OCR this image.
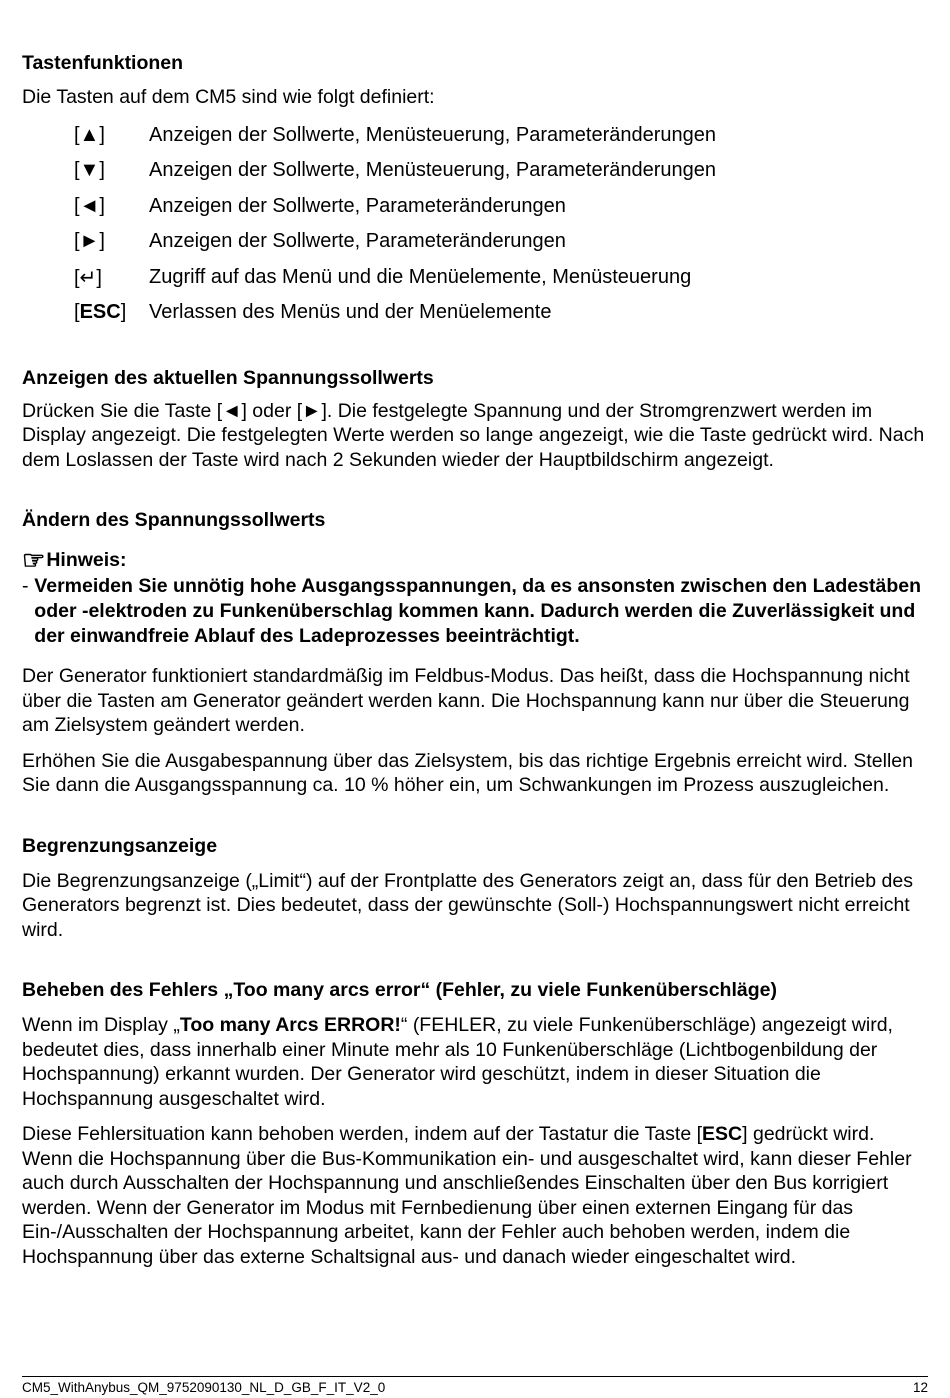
Tastenfunktionen

Die Tasten auf dem CM5 sind wie folgt definiert:

[▲]	Anzeigen der Sollwerte, Menüsteuerung, Parameteränderungen
[▼]	Anzeigen der Sollwerte, Menüsteuerung, Parameteränderungen
[◄]	Anzeigen der Sollwerte, Parameteränderungen
[►]	Anzeigen der Sollwerte, Parameteränderungen
[↵]	Zugriff auf das Menü und die Menüelemente, Menüsteuerung
[ESC]	Verlassen des Menüs und der Menüelemente
Anzeigen des aktuellen Spannungssollwerts

Drücken Sie die Taste [◄] oder [►]. Die festgelegte Spannung und der Stromgrenzwert werden im Display angezeigt. Die festgelegten Werte werden so lange angezeigt, wie die Taste gedrückt wird. Nach dem Loslassen der Taste wird nach 2 Sekunden wieder der Hauptbildschirm angezeigt.

Ändern des Spannungssollwerts
☞ Hinweis:
- Vermeiden Sie unnötig hohe Ausgangsspannungen, da es ansonsten zwischen den Ladestäben oder -elektroden zu Funkenüberschlag kommen kann. Dadurch werden die Zuverlässigkeit und der einwandfreie Ablauf des Ladeprozesses beeinträchtigt.

Der Generator funktioniert standardmäßig im Feldbus-Modus. Das heißt, dass die Hochspannung nicht über die Tasten am Generator geändert werden kann. Die Hochspannung kann nur über die Steuerung am Zielsystem geändert werden.

Erhöhen Sie die Ausgabespannung über das Zielsystem, bis das richtige Ergebnis erreicht wird. Stellen Sie dann die Ausgangsspannung ca. 10 % höher ein, um Schwankungen im Prozess auszugleichen.

Begrenzungsanzeige

Die Begrenzungsanzeige („Limit“) auf der Frontplatte des Generators zeigt an, dass für den Betrieb des Generators begrenzt ist. Dies bedeutet, dass der gewünschte (Soll-) Hochspannungswert nicht erreicht wird.

Beheben des Fehlers „Too many arcs error“ (Fehler, zu viele Funkenüberschläge)

Wenn im Display „Too many Arcs ERROR!“ (FEHLER, zu viele Funkenüberschläge) angezeigt wird, bedeutet dies, dass innerhalb einer Minute mehr als 10 Funkenüberschläge (Lichtbogenbildung der Hochspannung) erkannt wurden. Der Generator wird geschützt, indem in dieser Situation die Hochspannung ausgeschaltet wird.

Diese Fehlersituation kann behoben werden, indem auf der Tastatur die Taste [ESC] gedrückt wird. Wenn die Hochspannung über die Bus-Kommunikation ein- und ausgeschaltet wird, kann dieser Fehler auch durch Ausschalten der Hochspannung und anschließendes Einschalten über den Bus korrigiert werden. Wenn der Generator im Modus mit Fernbedienung über einen externen Eingang für das Ein-/Ausschalten der Hochspannung arbeitet, kann der Fehler auch behoben werden, indem die Hochspannung über das externe Schaltsignal aus- und danach wieder eingeschaltet wird.

CM5_WithAnybus_QM_9752090130_NL_D_GB_F_IT_V2_0	12
